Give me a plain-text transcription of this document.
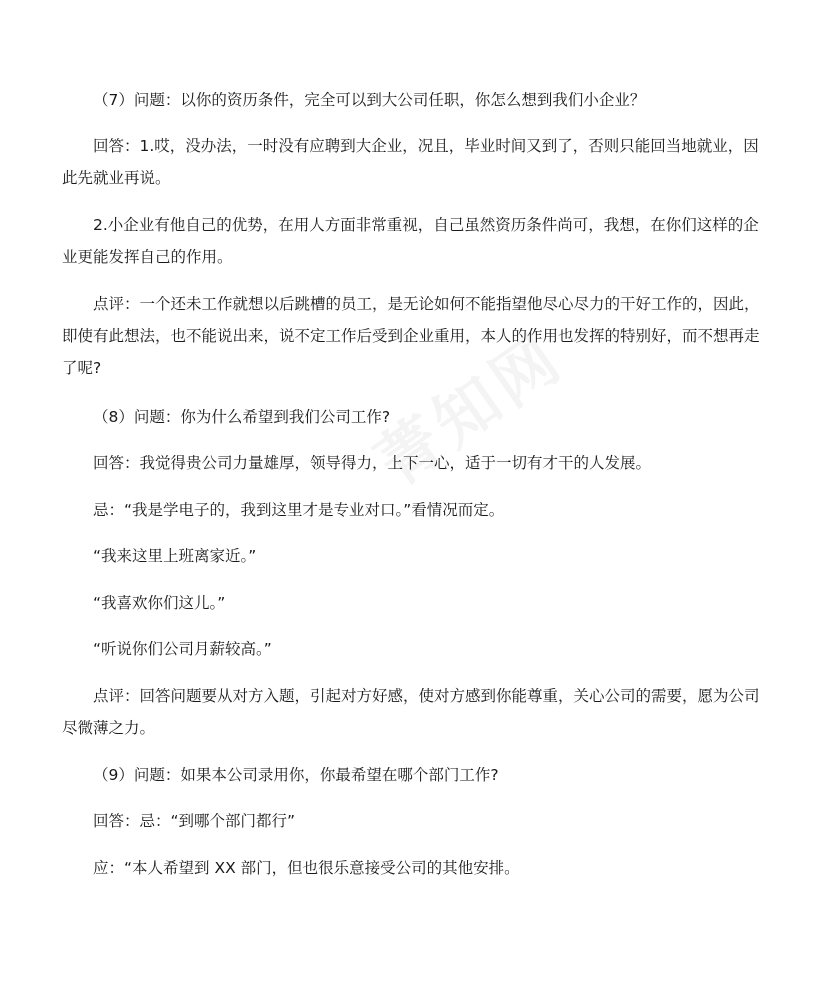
（7）问题：以你的资历条件，完全可以到大公司任职，你怎么想到我们小企业？
回答：1.哎，没办法，一时没有应聘到大企业，况且，毕业时间又到了，否则只能回当地就业，因此先就业再说。
2.小企业有他自己的优势，在用人方面非常重视，自己虽然资历条件尚可，我想，在你们这样的企业更能发挥自己的作用。
点评：一个还未工作就想以后跳槽的员工，是无论如何不能指望他尽心尽力的干好工作的，因此，即使有此想法，也不能说出来，说不定工作后受到企业重用，本人的作用也发挥的特别好，而不想再走了呢?
（8）问题：你为什么希望到我们公司工作?
回答：我觉得贵公司力量雄厚，领导得力，上下一心，适于一切有才干的人发展。
忌：“我是学电子的，我到这里才是专业对口。”看情况而定。
“我来这里上班离家近。”
“我喜欢你们这儿。”
“听说你们公司月薪较高。”
点评：回答问题要从对方入题，引起对方好感，使对方感到你能尊重，关心公司的需要，愿为公司尽微薄之力。
（9）问题：如果本公司录用你，你最希望在哪个部门工作?
回答：忌：“到哪个部门都行”
应：“本人希望到 XX 部门，但也很乐意接受公司的其他安排。
